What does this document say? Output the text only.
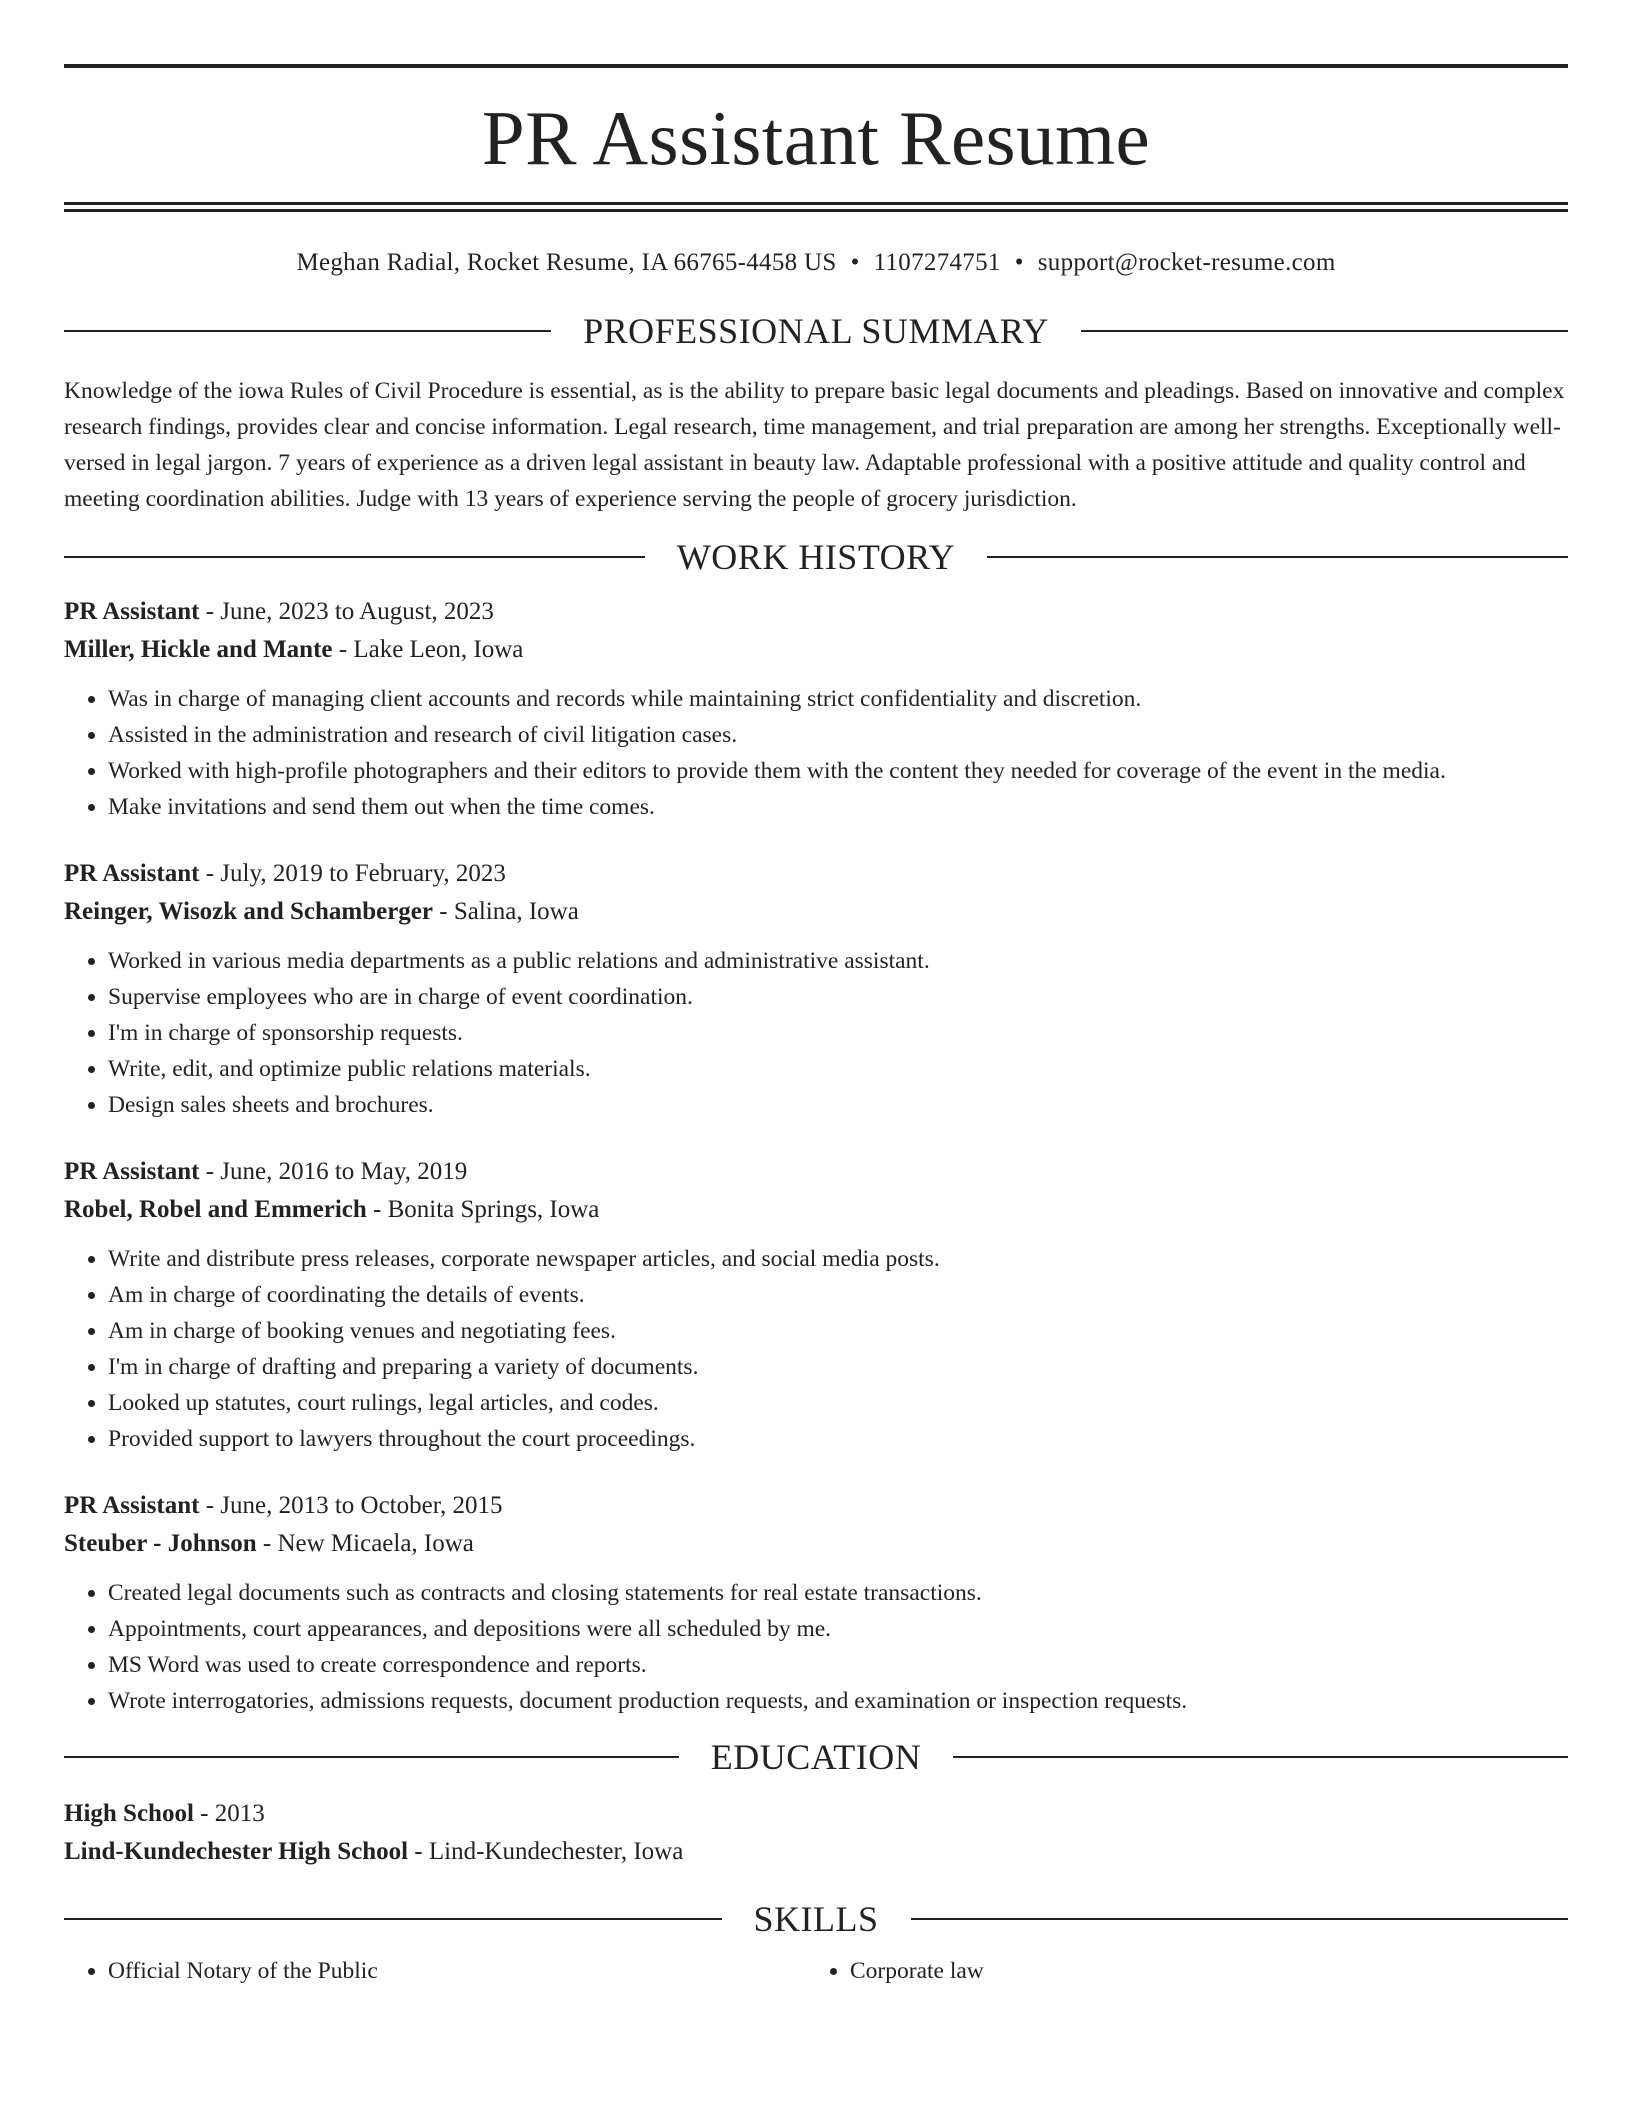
PR Assistant Resume
Meghan Radial, Rocket Resume, IA 66765-4458 US • 1107274751 • support@rocket-resume.com
PROFESSIONAL SUMMARY
Knowledge of the iowa Rules of Civil Procedure is essential, as is the ability to prepare basic legal documents and pleadings. Based on innovative and complex research findings, provides clear and concise information. Legal research, time management, and trial preparation are among her strengths. Exceptionally well-versed in legal jargon. 7 years of experience as a driven legal assistant in beauty law. Adaptable professional with a positive attitude and quality control and meeting coordination abilities. Judge with 13 years of experience serving the people of grocery jurisdiction.
WORK HISTORY
PR Assistant - June, 2023 to August, 2023
Miller, Hickle and Mante - Lake Leon, Iowa
• Was in charge of managing client accounts and records while maintaining strict confidentiality and discretion.
• Assisted in the administration and research of civil litigation cases.
• Worked with high-profile photographers and their editors to provide them with the content they needed for coverage of the event in the media.
• Make invitations and send them out when the time comes.
PR Assistant - July, 2019 to February, 2023
Reinger, Wisozk and Schamberger - Salina, Iowa
• Worked in various media departments as a public relations and administrative assistant.
• Supervise employees who are in charge of event coordination.
• I'm in charge of sponsorship requests.
• Write, edit, and optimize public relations materials.
• Design sales sheets and brochures.
PR Assistant - June, 2016 to May, 2019
Robel, Robel and Emmerich - Bonita Springs, Iowa
• Write and distribute press releases, corporate newspaper articles, and social media posts.
• Am in charge of coordinating the details of events.
• Am in charge of booking venues and negotiating fees.
• I'm in charge of drafting and preparing a variety of documents.
• Looked up statutes, court rulings, legal articles, and codes.
• Provided support to lawyers throughout the court proceedings.
PR Assistant - June, 2013 to October, 2015
Steuber - Johnson - New Micaela, Iowa
• Created legal documents such as contracts and closing statements for real estate transactions.
• Appointments, court appearances, and depositions were all scheduled by me.
• MS Word was used to create correspondence and reports.
• Wrote interrogatories, admissions requests, document production requests, and examination or inspection requests.
EDUCATION
High School - 2013
Lind-Kundechester High School - Lind-Kundechester, Iowa
SKILLS
• Official Notary of the Public
•	Corporate law
